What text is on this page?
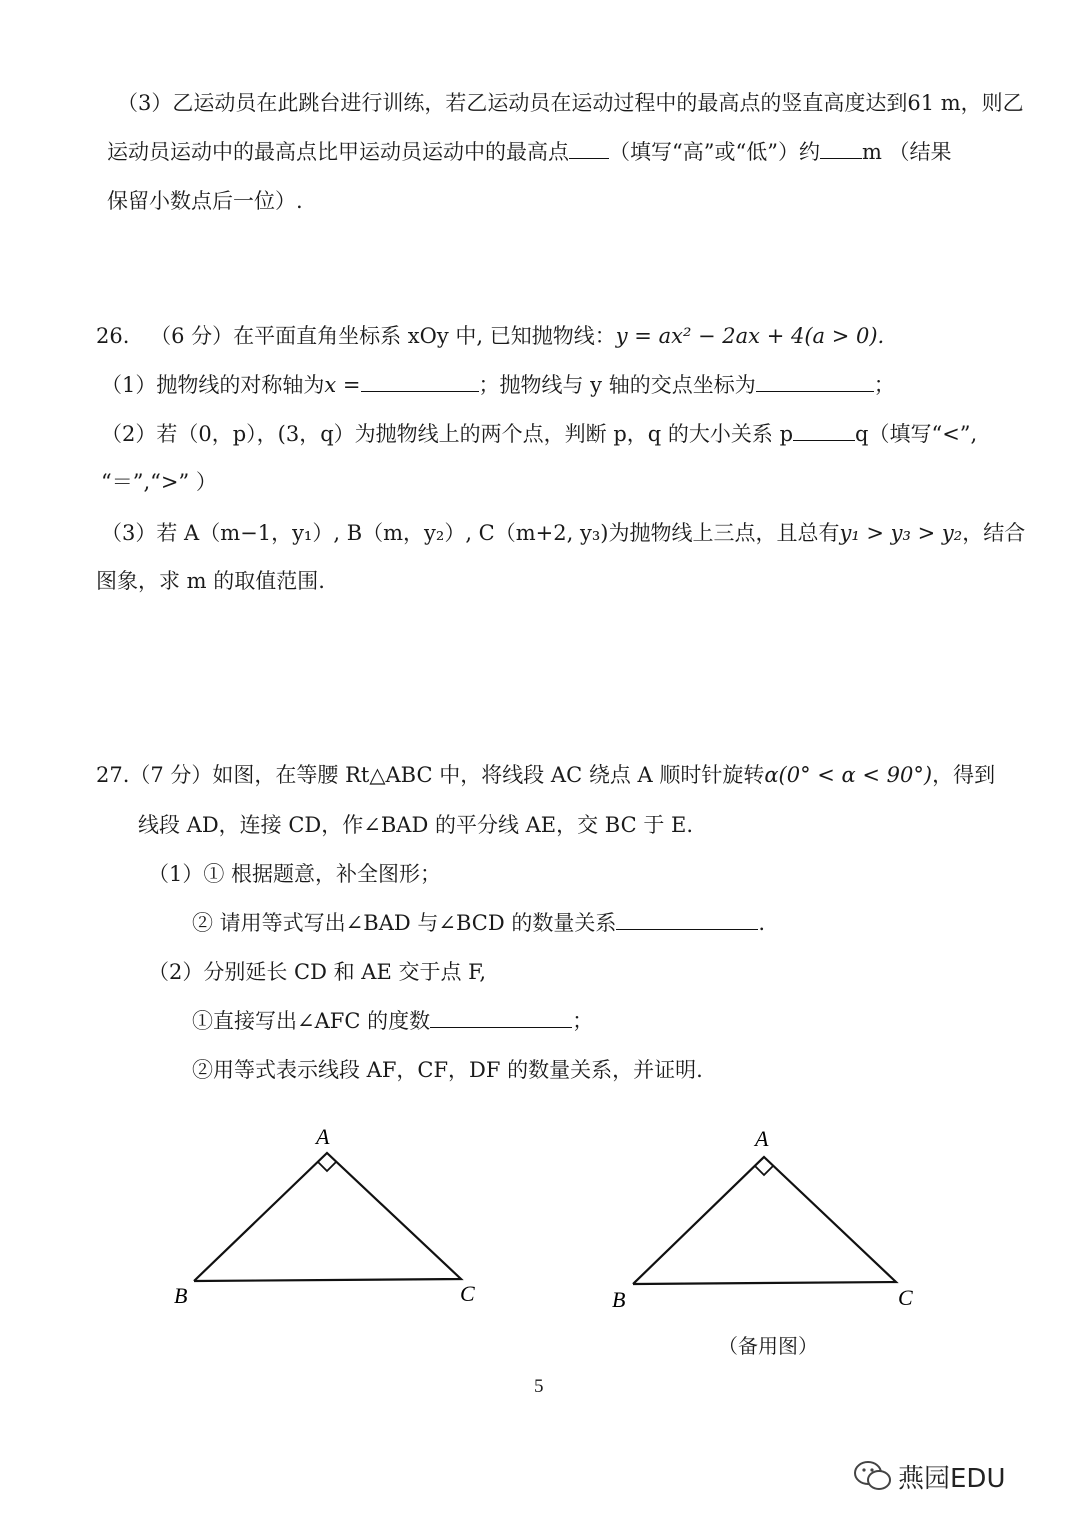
（3）乙运动员在此跳台进行训练，若乙运动员在运动过程中的最高点的竖直高度达到61 m，则乙
运动员运动中的最高点比甲运动员运动中的最高点 （填写“高”或“低”）约 m （结果
保留小数点后一位）.
26. （6 分）在平面直角坐标系 xOy 中, 已知抛物线：y = ax² − 2ax + 4(a > 0).
（1）抛物线的对称轴为x =	；抛物线与 y 轴的交点坐标为	；
（2）若（0，p），(3，q）为抛物线上的两个点，判断 p，q 的大小关系 p	q（填写“<”,
“＝”,“>” ）
（3）若 A（m−1，y₁）, B（m，y₂）, C（m+2, y₃)为抛物线上三点，且总有y₁ > y₃ > y₂，结合
图象，求 m 的取值范围.
27.（7 分）如图，在等腰 Rt△ABC 中，将线段 AC 绕点 A 顺时针旋转α(0° < α < 90°)，得到
线段 AD，连接 CD，作∠BAD 的平分线 AE，交 BC 于 E.
（1）① 根据题意，补全图形；
② 请用等式写出∠BAD 与∠BCD 的数量关系	.
（2）分别延长 CD 和 AE 交于点 F,
①直接写出∠AFC 的度数	；
②用等式表示线段 AF，CF，DF 的数量关系，并证明.
A
B	C
A
B	C
（备用图）
5
燕园EDU
